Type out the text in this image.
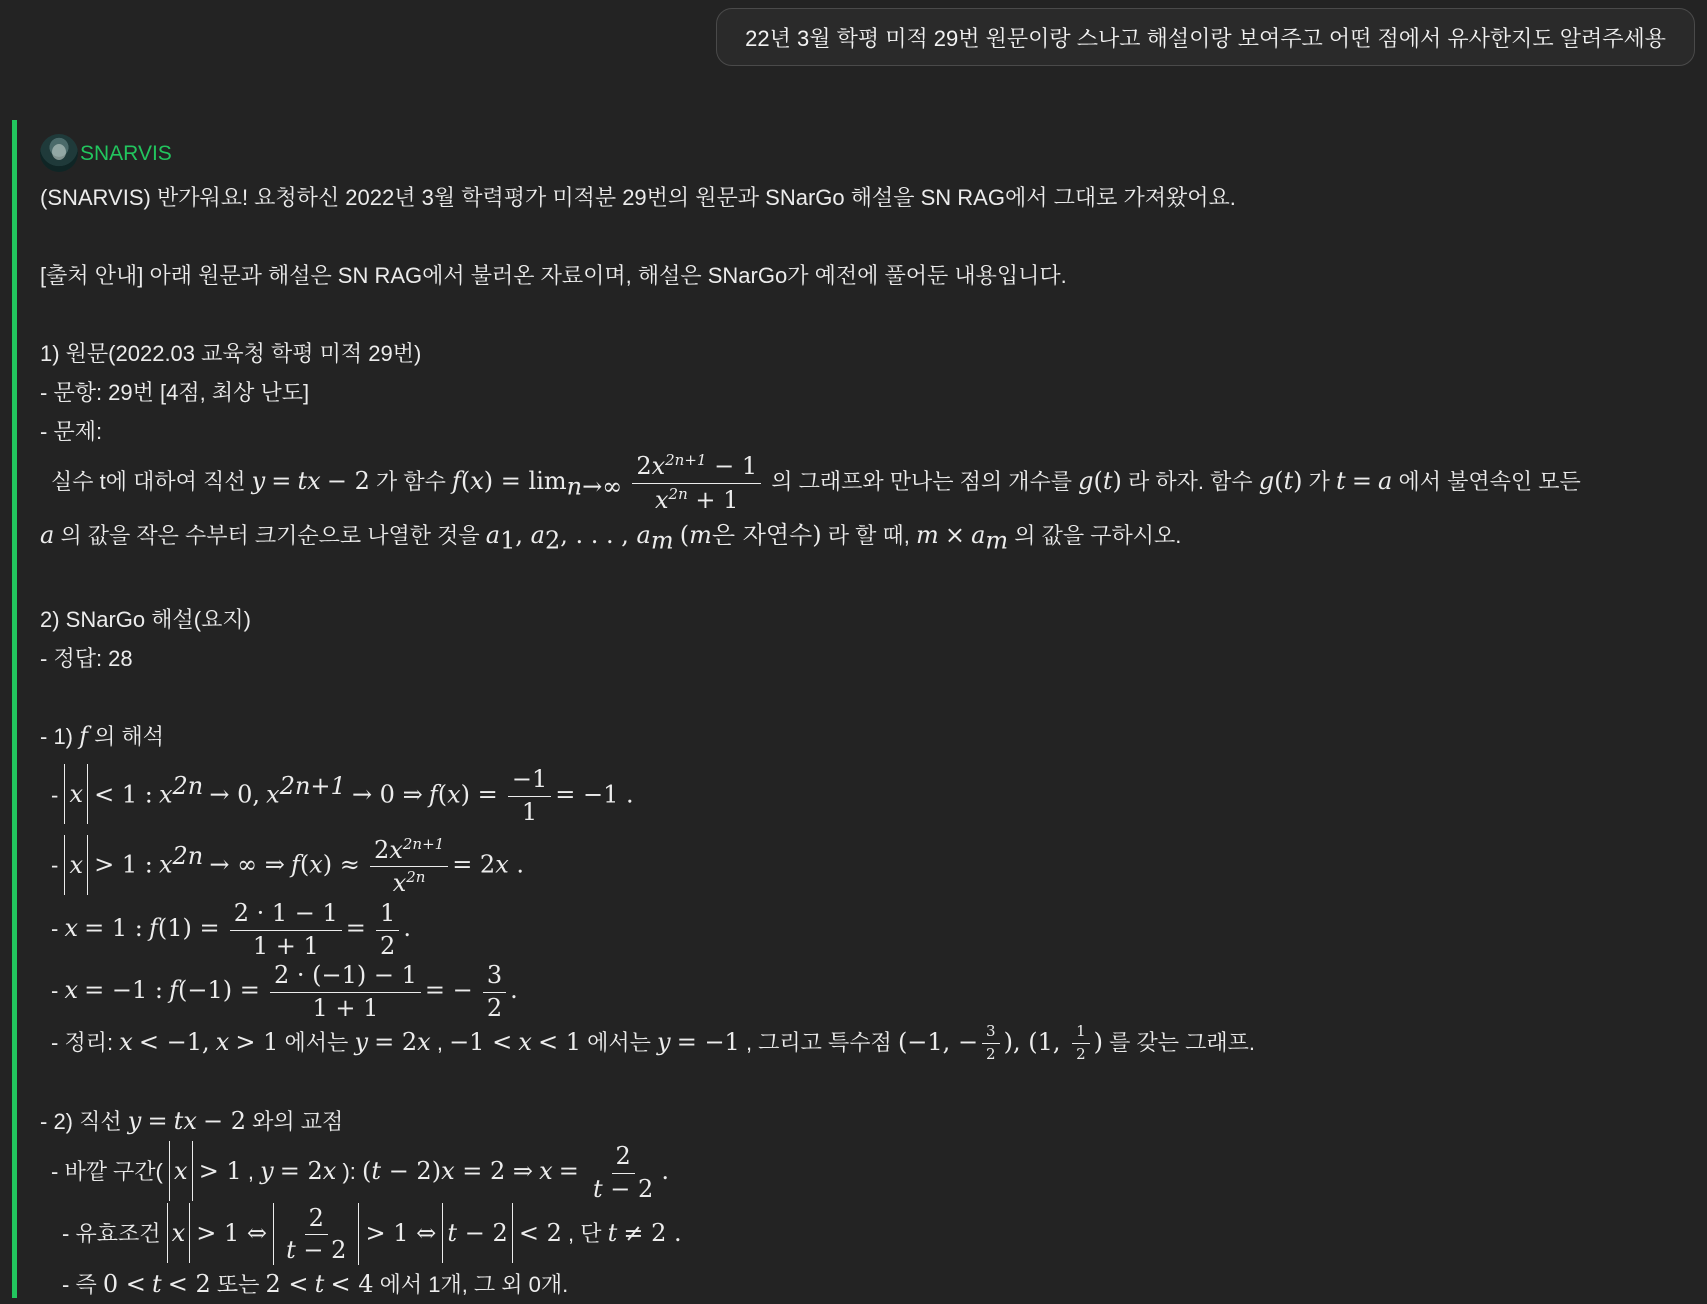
22년 3월 학평 미적 29번 원문이랑 스나고 해설이랑 보여주고 어떤 점에서 유사한지도 알려주세용
SNARVIS

(SNARVIS) 반가워요! 요청하신 2022년 3월 학력평가 미적분 29번의 원문과 SNarGo 해설을 SN RAG에서 그대로 가져왔어요.

[출처 안내] 아래 원문과 해설은 SN RAG에서 불러온 자료이며, 해설은 SNarGo가 예전에 풀어둔 내용입니다.

1) 원문(2022.03 교육청 학평 미적 29번)

- 문항: 29번 [4점, 최상 난도]

- 문제:

실수 t에 대하여 직선 y = tx − 2 가 함수 $f(x) = \lim_{n\to\infty} \frac{2x^{2n+1} - 1}{x^{2n} + 1}$ 의 그래프와 만나는 점의 개수를 g(t) 라 하자. 함수 g(t) 가 t = a 에서 불연속인 모든

a 의 값을 작은 수부터 크기순으로 나열한 것을 $a_1$, $a_2$, . . . , $a_m$ (m은 자연수) 라 할 때, $m \times a_m$ 의 값을 구하시오.

2) SNarGo 해설(요지)

- 정답: 28

- 1) f 의 해석

- x < 1 : $x^{2n} \to 0$, $x^{2n+1} \to 0$ ⇒ $f(x) = \frac{-1}{1} = -1$ .

- x > 1 : $x^{2n}$ → ∞ ⇒ $f(x) \approx \frac{2x^{2n+1}}{x^{2n}} = 2x$ .

- x = 1 : $f(1) = \frac{2 \cdot 1 - 1}{1 + 1} = \frac{1}{2}$ .

- x = −1 : $f(-1) = \frac{2 \cdot (-1) - 1}{1 + 1}$ = − $\frac{3}{2}$ .

- 정리: x < −1, x > 1 에서는 y = 2x , −1 < x < 1 에서는 y = −1 , 그리고 특수점 (−1, − $\frac{3}{2}$ ), (1, $\frac{1}{2}$ ) 를 갖는 그래프.

- 2) 직선 y = tx − 2 와의 교점

- 바깥 구간( x > 1 , y = 2x ): (t − 2)x = 2 ⇒ $x = \frac{2}{t - 2}$ .

- 유효조건 x > 1 ⇔ $\frac{2}{t - 2} > 1$ ⇔ t − 2 < 2 , 단 t ≠ 2 .

- 즉 0 < t < 2 또는 2 < t < 4 에서 1개, 그 외 0개.
